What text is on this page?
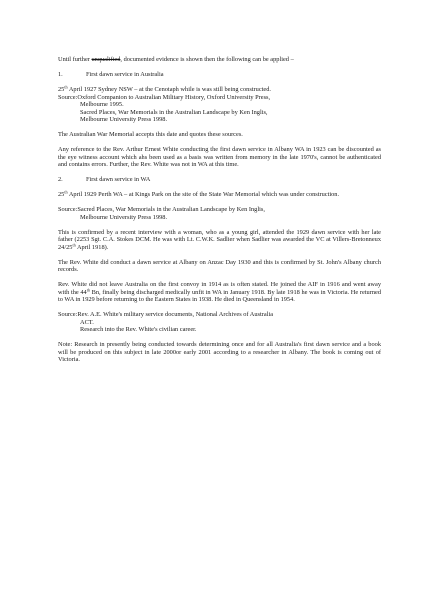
Until further unqualified, documented evidence is shown then the following can be applied –

1.	First dawn service in Australia

25th April 1927 Sydney NSW – at the Cenotaph while is was still being constructed.

Source: Oxford Companion to Australian Military History, Oxford University Press,
Melbourne 1995.
Sacred Places, War Memorials in the Australian Landscape by Ken Inglis,
Melbourne University Press 1998.

The Australian War Memorial accepts this date and quotes these sources.

Any reference to the Rev. Arthur Ernest White conducting the first dawn service in Albany WA in 1923 can be discounted as the eye witness account which ahs been used as a basis was written from memory in the late 1970's, cannot be authenticated and contains errors. Further, the Rev. White was not in WA at this time.

2.	First dawn service in WA

25th April 1929 Perth WA – at Kings Park on the site of the State War Memorial which was under construction.

Source: Sacred Places, War Memorials in the Australian Landscape by Ken Inglis,
Melbourne University Press 1998.

This is confirmed by a recent interview with a woman, who as a young girl, attended the 1929 dawn service with her late father (2253 Sgt. C.A. Stokes DCM. He was with Lt. C.W.K. Sadlier when Sadlier was awarded the VC at Villers-Bretonneux 24/25th April 1918).

The Rev. White did conduct a dawn service at Albany on Anzac Day 1930 and this is confirmed by St. John's Albany church records.

Rev. White did not leave Australia on the first convoy in 1914 as is often stated. He joined the AIF in 1916 and went away with the 44th Bn, finally being discharged medically unfit in WA in January 1918. By late 1918 he was in Victoria. He returned to WA in 1929 before returning to the Eastern States in 1938. He died in Queensland in 1954.

Source: Rev. A.E. White's military service documents, National Archives of Australia
ACT.
Research into the Rev. White's civilian career.

Note: Research in presently being conducted towards determining once and for all Australia's first dawn service and a book will be produced on this subject in late 2000or early 2001 according to a researcher in Albany. The book is coming out of Victoria.
